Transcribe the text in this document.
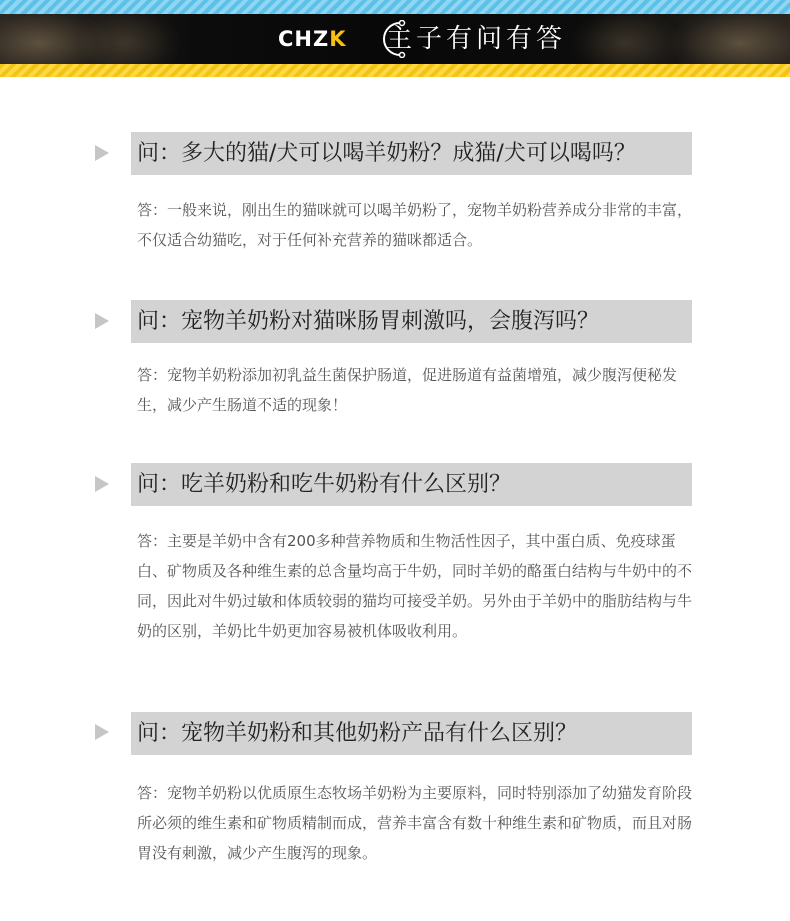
CHZK 主子有问有答
问：多大的猫/犬可以喝羊奶粉？成猫/犬可以喝吗？
答：一般来说，刚出生的猫咪就可以喝羊奶粉了，宠物羊奶粉营养成分非常的丰富，不仅适合幼猫吃，对于任何补充营养的猫咪都适合。
问：宠物羊奶粉对猫咪肠胃刺激吗，会腹泻吗？
答：宠物羊奶粉添加初乳益生菌保护肠道，促进肠道有益菌增殖，减少腹泻便秘发生，减少产生肠道不适的现象！
问：吃羊奶粉和吃牛奶粉有什么区别？
答：主要是羊奶中含有200多种营养物质和生物活性因子，其中蛋白质、免疫球蛋白、矿物质及各种维生素的总含量均高于牛奶，同时羊奶的酪蛋白结构与牛奶中的不同，因此对牛奶过敏和体质较弱的猫均可接受羊奶。另外由于羊奶中的脂肪结构与牛奶的区别，羊奶比牛奶更加容易被机体吸收利用。
问：宠物羊奶粉和其他奶粉产品有什么区别？
答：宠物羊奶粉以优质原生态牧场羊奶粉为主要原料，同时特别添加了幼猫发育阶段所必须的维生素和矿物质精制而成，营养丰富含有数十种维生素和矿物质，而且对肠胃没有刺激，减少产生腹泻的现象。
